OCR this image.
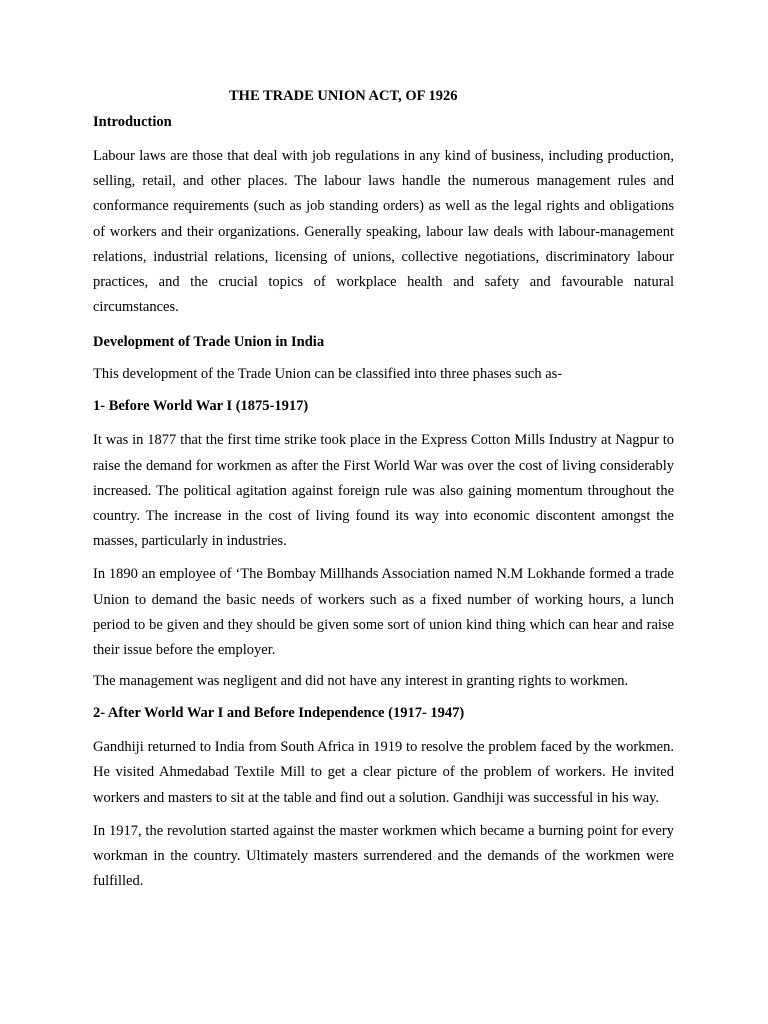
THE TRADE UNION ACT, OF 1926
Introduction

Labour laws are those that deal with job regulations in any kind of business, including production, selling, retail, and other places. The labour laws handle the numerous management rules and conformance requirements (such as job standing orders) as well as the legal rights and obligations of workers and their organizations. Generally speaking, labour law deals with labour-management relations, industrial relations, licensing of unions, collective negotiations, discriminatory labour practices, and the crucial topics of workplace health and safety and favourable natural circumstances.

Development of Trade Union in India

This development of the Trade Union can be classified into three phases such as-

1- Before World War I (1875-1917)

It was in 1877 that the first time strike took place in the Express Cotton Mills Industry at Nagpur to raise the demand for workmen as after the First World War was over the cost of living considerably increased. The political agitation against foreign rule was also gaining momentum throughout the country. The increase in the cost of living found its way into economic discontent amongst the masses, particularly in industries.

In 1890 an employee of ‘The Bombay Millhands Association named N.M Lokhande formed a trade Union to demand the basic needs of workers such as a fixed number of working hours, a lunch period to be given and they should be given some sort of union kind thing which can hear and raise their issue before the employer.

The management was negligent and did not have any interest in granting rights to workmen.

2- After World War I and Before Independence (1917- 1947)

Gandhiji returned to India from South Africa in 1919 to resolve the problem faced by the workmen. He visited Ahmedabad Textile Mill to get a clear picture of the problem of workers. He invited workers and masters to sit at the table and find out a solution. Gandhiji was successful in his way.

In 1917, the revolution started against the master workmen which became a burning point for every workman in the country. Ultimately masters surrendered and the demands of the workmen were fulfilled.
